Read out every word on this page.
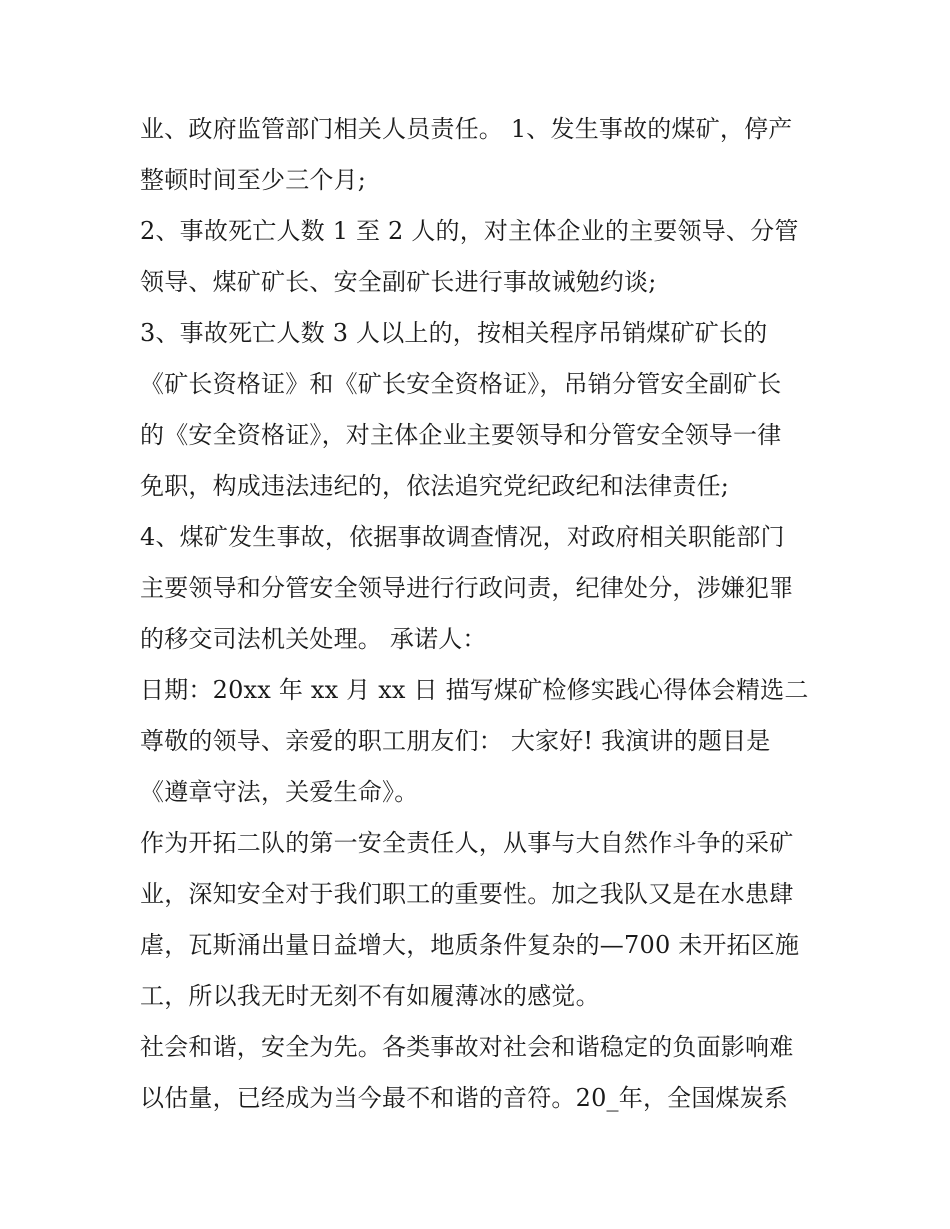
业、政府监管部门相关人员责任。 1、发生事故的煤矿，停产
整顿时间至少三个月;
2、事故死亡人数 1 至 2 人的，对主体企业的主要领导、分管
领导、煤矿矿长、安全副矿长进行事故诫勉约谈;
3、事故死亡人数 3 人以上的，按相关程序吊销煤矿矿长的
《矿长资格证》和《矿长安全资格证》，吊销分管安全副矿长
的《安全资格证》，对主体企业主要领导和分管安全领导一律
免职，构成违法违纪的，依法追究党纪政纪和法律责任;
4、煤矿发生事故，依据事故调查情况，对政府相关职能部门
主要领导和分管安全领导进行行政问责，纪律处分，涉嫌犯罪
的移交司法机关处理。 承诺人：
日期：20xx 年 xx 月 xx 日 描写煤矿检修实践心得体会精选二
尊敬的领导、亲爱的职工朋友们： 大家好! 我演讲的题目是
《遵章守法，关爱生命》。
作为开拓二队的第一安全责任人，从事与大自然作斗争的采矿
业，深知安全对于我们职工的重要性。加之我队又是在水患肆
虐，瓦斯涌出量日益增大，地质条件复杂的—700 未开拓区施
工，所以我无时无刻不有如履薄冰的感觉。
社会和谐，安全为先。各类事故对社会和谐稳定的负面影响难
以估量，已经成为当今最不和谐的音符。20_年，全国煤炭系
